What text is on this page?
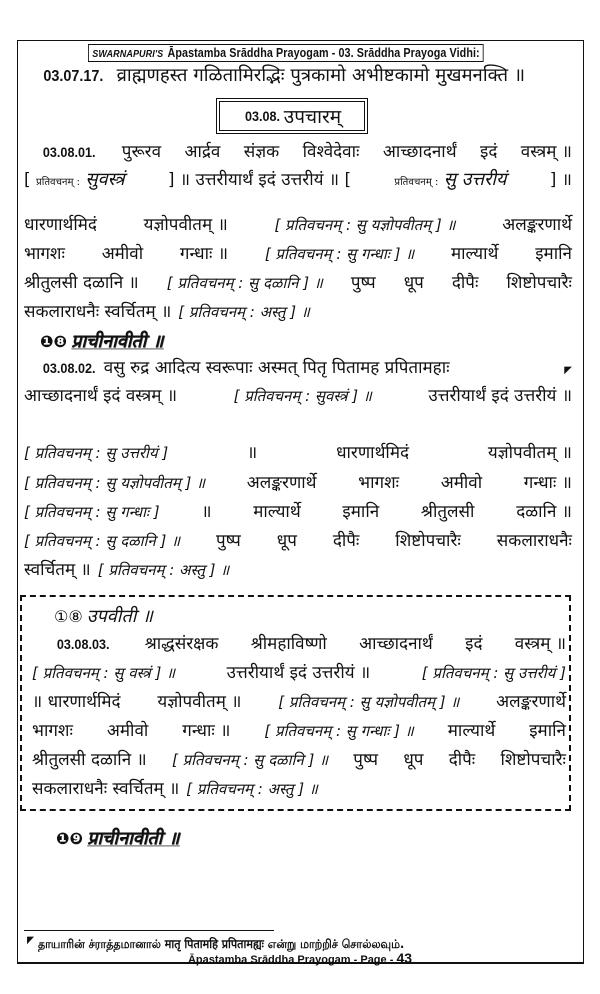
SWARNAPURI'S Āpastamba Srāddha Prayogam - 03. Srāddha Prayoga Vidhi:
03.07.17. व्राह्मणहस्त गळितामिरद्भिः पुत्रकामो अभीष्टकामो मुखमनक्ति ॥
03.08. उपचारम्
03.08.01. पुरूरव आर्द्रव संज्ञक विश्वेदेवाः आच्छादनार्थं इदं वस्त्रम् ॥
[ प्रतिवचनम् : सुवस्त्रं	] ॥ उत्तरीयार्थं इदं उत्तरीयं ॥ [	प्रतिवचनम् : सु उत्तरीयं	] ॥
धारणार्थमिदं	यज्ञोपवीतम् ॥	[ प्रतिवचनम् : सु यज्ञोपवीतम् ] ॥	अलङ्करणार्थे
भागशः अमीवो गन्धाः ॥ [ प्रतिवचनम् : सु गन्धाः ] ॥ माल्यार्थे इमानि
श्रीतुलसी दळानि ॥ [ प्रतिवचनम् : सु दळानि ] ॥ पुष्प धूप दीपैः शिष्टोपचारैः
सकलाराधनैः स्वर्चितम् ॥ [ प्रतिवचनम् : अस्तु ] ॥
❶❽ प्राचीनावीती ॥
03.08.02. वसु रुद्र आदित्य स्वरूपाः अस्मत् पितृ पितामह प्रपितामहाः	◤
आच्छादनार्थं इदं वस्त्रम् ॥	[ प्रतिवचनम् : सुवस्त्रं ] ॥	उत्तरीयार्थं इदं उत्तरीयं ॥
[ प्रतिवचनम् : सु उत्तरीयं ]	॥	धारणार्थमिदं	यज्ञोपवीतम् ॥
[ प्रतिवचनम् : सु यज्ञोपवीतम् ] ॥ अलङ्करणार्थे भागशः अमीवो गन्धाः ॥
[ प्रतिवचनम् : सु गन्धाः ] ॥ माल्यार्थे इमानि श्रीतुलसी दळानि ॥
[ प्रतिवचनम् : सु दळानि ] ॥ पुष्प धूप दीपैः शिष्टोपचारैः सकलाराधनैः
स्वर्चितम् ॥ [ प्रतिवचनम् : अस्तु ] ॥
①⑧ उपवीती ॥
03.08.03. श्राद्धसंरक्षक श्रीमहाविष्णो आच्छादनार्थं इदं वस्त्रम् ॥
[ प्रतिवचनम् : सु वस्त्रं ] ॥	उत्तरीयार्थं इदं उत्तरीयं ॥	[ प्रतिवचनम् : सु उत्तरीयं ]
॥ धारणार्थमिदं यज्ञोपवीतम् ॥ [ प्रतिवचनम् : सु यज्ञोपवीतम् ] ॥ अलङ्करणार्थे
भागशः अमीवो गन्धाः ॥ [ प्रतिवचनम् : सु गन्धाः ] ॥ माल्यार्थे इमानि
श्रीतुलसी दळानि ॥ [ प्रतिवचनम् : सु दळानि ] ॥ पुष्प धूप दीपैः शिष्टोपचारैः
सकलाराधनैः स्वर्चितम् ॥ [ प्रतिवचनम् : अस्तु ] ॥
❶❾ प्राचीनावीती ॥
◤ தாயாரின் ச்ராத்தமானால் मातृ पितामहि प्रपितामह्यः என்று மாற்றிச் சொல்லவும்.
Āpastamba Srāddha Prayogam - Page - 43
